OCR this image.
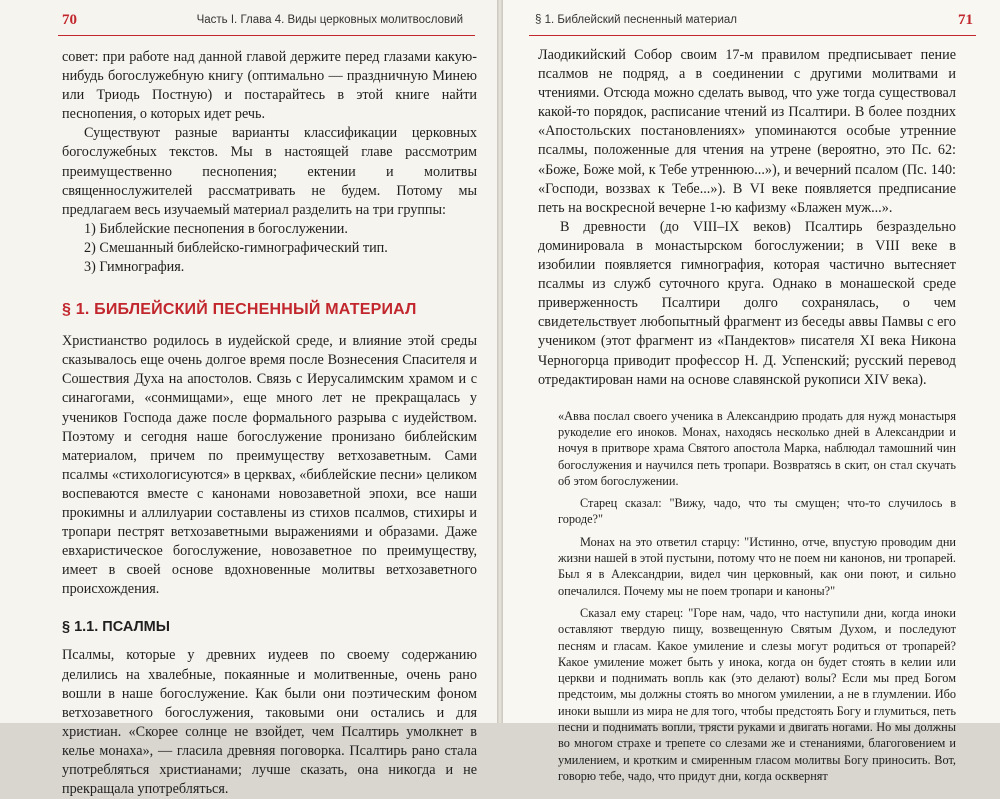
70	Часть I. Глава 4. Виды церковных молитвословий

совет: при работе над данной главой держите перед глазами какую-нибудь богослужебную книгу (оптимально — праздничную Минею или Триодь Постную) и постарайтесь в этой книге найти песнопения, о которых идет речь.

Существуют разные варианты классификации церковных богослужебных текстов. Мы в настоящей главе рассмотрим преимущественно песнопения; ектении и молитвы священнослужителей рассматривать не будем. Потому мы предлагаем весь изучаемый материал разделить на три группы:

1) Библейские песнопения в богослужении.
2) Смешанный библейско-гимнографический тип.
3) Гимнография.
§ 1. БИБЛЕЙСКИЙ ПЕСНЕННЫЙ МАТЕРИАЛ

Христианство родилось в иудейской среде, и влияние этой среды сказывалось еще очень долгое время после Вознесения Спасителя и Сошествия Духа на апостолов. Связь с Иерусалимским храмом и с синагогами, «сонмищами», еще много лет не прекращалась у учеников Господа даже после формального разрыва с иудейством. Поэтому и сегодня наше богослужение пронизано библейским материалом, причем по преимуществу ветхозаветным. Сами псалмы «стихологисуются» в церквах, «библейские песни» целиком воспеваются вместе с канонами новозаветной эпохи, все наши прокимны и аллилуарии составлены из стихов псалмов, стихиры и тропари пестрят ветхозаветными выражениями и образами. Даже евхаристическое богослужение, новозаветное по преимуществу, имеет в своей основе вдохновенные молитвы ветхозаветного происхождения.

§ 1.1. ПСАЛМЫ

Псалмы, которые у древних иудеев по своему содержанию делились на хвалебные, покаянные и молитвенные, очень рано вошли в наше богослужение. Как были они поэтическим фоном ветхозаветного богослужения, таковыми они остались и для христиан. «Скорее солнце не взойдет, чем Псалтирь умолкнет в келье монаха», — гласила древняя поговорка. Псалтирь рано стала употребляться христианами; лучше сказать, она никогда и не прекращала употребляться.

§ 1. Библейский песненный материал	71

Лаодикийский Собор своим 17-м правилом предписывает пение псалмов не подряд, а в соединении с другими молитвами и чтениями. Отсюда можно сделать вывод, что уже тогда существовал какой-то порядок, расписание чтений из Псалтири. В более поздних «Апостольских постановлениях» упоминаются особые утренние псалмы, положенные для чтения на утрене (вероятно, это Пс. 62: «Боже, Боже мой, к Тебе утреннюю...»), и вечерний псалом (Пс. 140: «Господи, воззвах к Тебе...»). В VI веке появляется предписание петь на воскресной вечерне 1-ю кафизму «Блажен муж...».

В древности (до VIII–IX веков) Псалтирь безраздельно доминировала в монастырском богослужении; в VIII веке в изобилии появляется гимнография, которая частично вытесняет псалмы из служб суточного круга. Однако в монашеской среде приверженность Псалтири долго сохранялась, о чем свидетельствует любопытный фрагмент из беседы аввы Памвы с его учеником (этот фрагмент из «Пандектов» писателя XI века Никона Черногорца приводит профессор Н. Д. Успенский; русский перевод отредактирован нами на основе славянской рукописи XIV века).

«Авва послал своего ученика в Александрию продать для нужд монастыря рукоделие его иноков. Монах, находясь несколько дней в Александрии и ночуя в притворе храма Святого апостола Марка, наблюдал тамошний чин богослужения и научился петь тропари. Возвратясь в скит, он стал скучать об этом богослужении.

Старец сказал: "Вижу, чадо, что ты смущен; что-то случилось в городе?"

Монах на это ответил старцу: "Истинно, отче, впустую проводим дни жизни нашей в этой пустыни, потому что не поем ни канонов, ни тропарей. Был я в Александрии, видел чин церковный, как они поют, и сильно опечалился. Почему мы не поем тропари и каноны?"

Сказал ему старец: "Горе нам, чадо, что наступили дни, когда иноки оставляют твердую пищу, возвещенную Святым Духом, и последуют песням и гласам. Какое умиление и слезы могут родиться от тропарей? Какое умиление может быть у инока, когда он будет стоять в келии или церкви и поднимать вопль как (это делают) волы? Если мы пред Богом предстоим, мы должны стоять во многом умилении, а не в глумлении. Ибо иноки вышли из мира не для того, чтобы предстоять Богу и глумиться, петь песни и поднимать вопли, трясти руками и двигать ногами. Но мы должны во многом страхе и трепете со слезами же и стенаниями, благоговением и умилением, и кротким и смиренным гласом молитвы Богу приносить. Вот, говорю тебе, чадо, что придут дни, когда осквернят
